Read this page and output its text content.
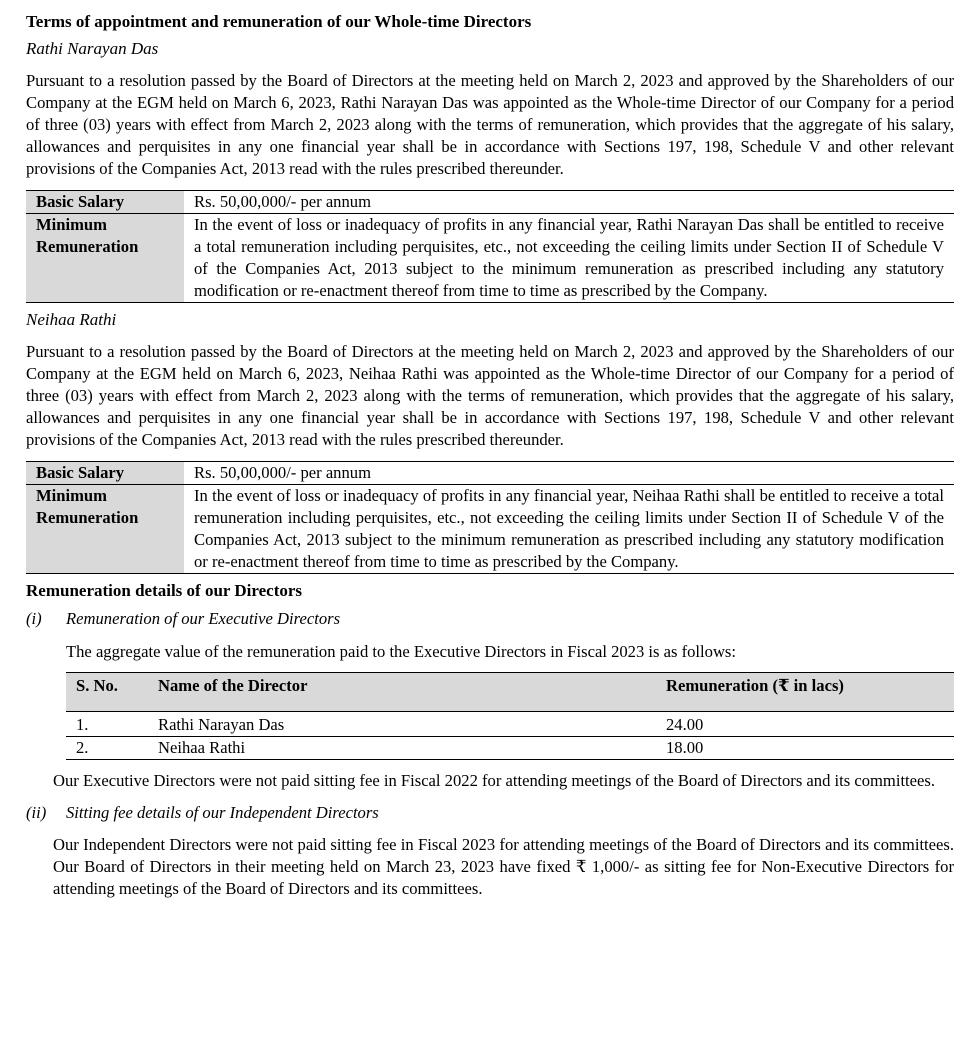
Terms of appointment and remuneration of our Whole-time Directors
Rathi Narayan Das
Pursuant to a resolution passed by the Board of Directors at the meeting held on March 2, 2023 and approved by the Shareholders of our Company at the EGM held on March 6, 2023, Rathi Narayan Das was appointed as the Whole-time Director of our Company for a period of three (03) years with effect from March 2, 2023 along with the terms of remuneration, which provides that the aggregate of his salary, allowances and perquisites in any one financial year shall be in accordance with Sections 197, 198, Schedule V and other relevant provisions of the Companies Act, 2013 read with the rules prescribed thereunder.
Basic Salary	Rs. 50,00,000/- per annum
Minimum
Remuneration	In the event of loss or inadequacy of profits in any financial year, Rathi Narayan Das shall be entitled to receive a total remuneration including perquisites, etc., not exceeding the ceiling limits under Section II of Schedule V of the Companies Act, 2013 subject to the minimum remuneration as prescribed including any statutory modification or re-enactment thereof from time to time as prescribed by the Company.
Neihaa Rathi
Pursuant to a resolution passed by the Board of Directors at the meeting held on March 2, 2023 and approved by the Shareholders of our Company at the EGM held on March 6, 2023, Neihaa Rathi was appointed as the Whole-time Director of our Company for a period of three (03) years with effect from March 2, 2023 along with the terms of remuneration, which provides that the aggregate of his salary, allowances and perquisites in any one financial year shall be in accordance with Sections 197, 198, Schedule V and other relevant provisions of the Companies Act, 2013 read with the rules prescribed thereunder.
Basic Salary	Rs. 50,00,000/- per annum
Minimum
Remuneration	In the event of loss or inadequacy of profits in any financial year, Neihaa Rathi shall be entitled to receive a total remuneration including perquisites, etc., not exceeding the ceiling limits under Section II of Schedule V of the Companies Act, 2013 subject to the minimum remuneration as prescribed including any statutory modification or re-enactment thereof from time to time as prescribed by the Company.
Remuneration details of our Directors
(i) Remuneration of our Executive Directors
The aggregate value of the remuneration paid to the Executive Directors in Fiscal 2023 is as follows:
S. No.	Name of the Director	Remuneration (₹ in lacs)
1.	Rathi Narayan Das	24.00
2.	Neihaa Rathi	18.00
Our Executive Directors were not paid sitting fee in Fiscal 2022 for attending meetings of the Board of Directors and its committees.
(ii) Sitting fee details of our Independent Directors
Our Independent Directors were not paid sitting fee in Fiscal 2023 for attending meetings of the Board of Directors and its committees. Our Board of Directors in their meeting held on March 23, 2023 have fixed ₹ 1,000/- as sitting fee for Non-Executive Directors for attending meetings of the Board of Directors and its committees.
